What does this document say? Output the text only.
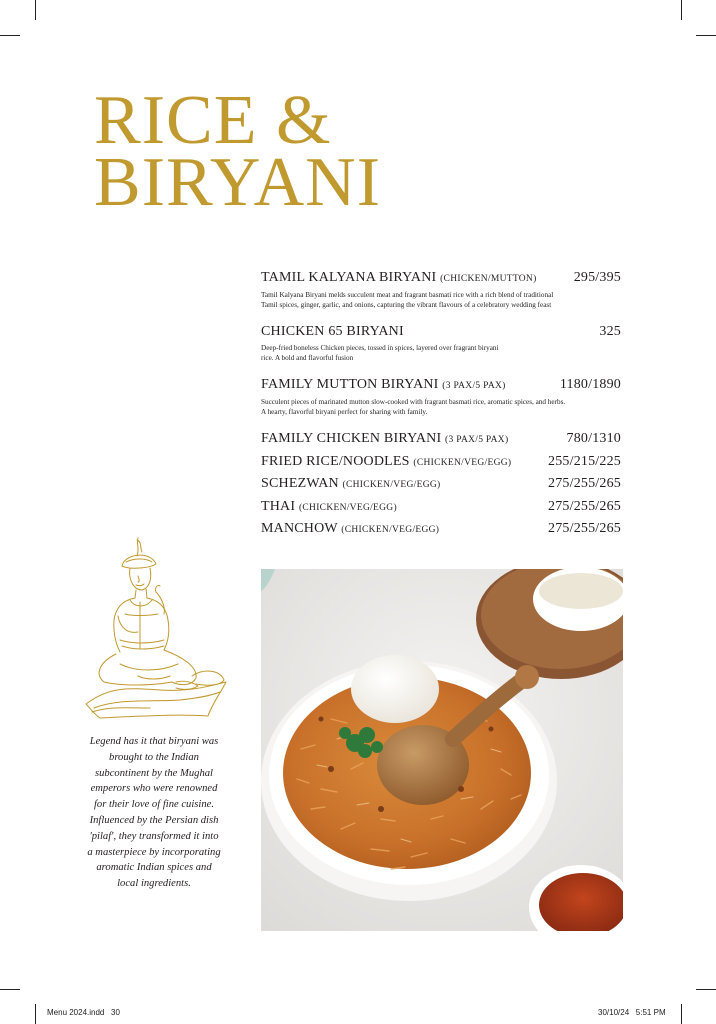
RICE &
BIRYANI
TAMIL KALYANA BIRYANI (CHICKEN/MUTTON)	295/395
Tamil Kalyana Biryani melds succulent meat and fragrant basmati rice with a rich blend of traditional Tamil spices, ginger, garlic, and onions, capturing the vibrant flavours of a celebratory wedding feast
CHICKEN 65 BIRYANI	325
Deep-fried boneless Chicken pieces, tossed in spices, layered over fragrant biryani rice. A bold and flavorful fusion
FAMILY MUTTON BIRYANI (3 PAX/5 PAX)	1180/1890
Succulent pieces of marinated mutton slow-cooked with fragrant basmati rice, aromatic spices, and herbs. A hearty, flavorful biryani perfect for sharing with family.
FAMILY CHICKEN BIRYANI (3 PAX/5 PAX)	780/1310
FRIED RICE/NOODLES (CHICKEN/VEG/EGG)	255/215/225
SCHEZWAN (CHICKEN/VEG/EGG)	275/255/265
THAI (CHICKEN/VEG/EGG)	275/255/265
MANCHOW (CHICKEN/VEG/EGG)	275/255/265
Legend has it that biryani was brought to the Indian subcontinent by the Mughal emperors who were renowned for their love of fine cuisine. Influenced by the Persian dish 'pilaf', they transformed it into a masterpiece by incorporating aromatic Indian spices and local ingredients.
Menu 2024.indd   30	30/10/24   5:51 PM
